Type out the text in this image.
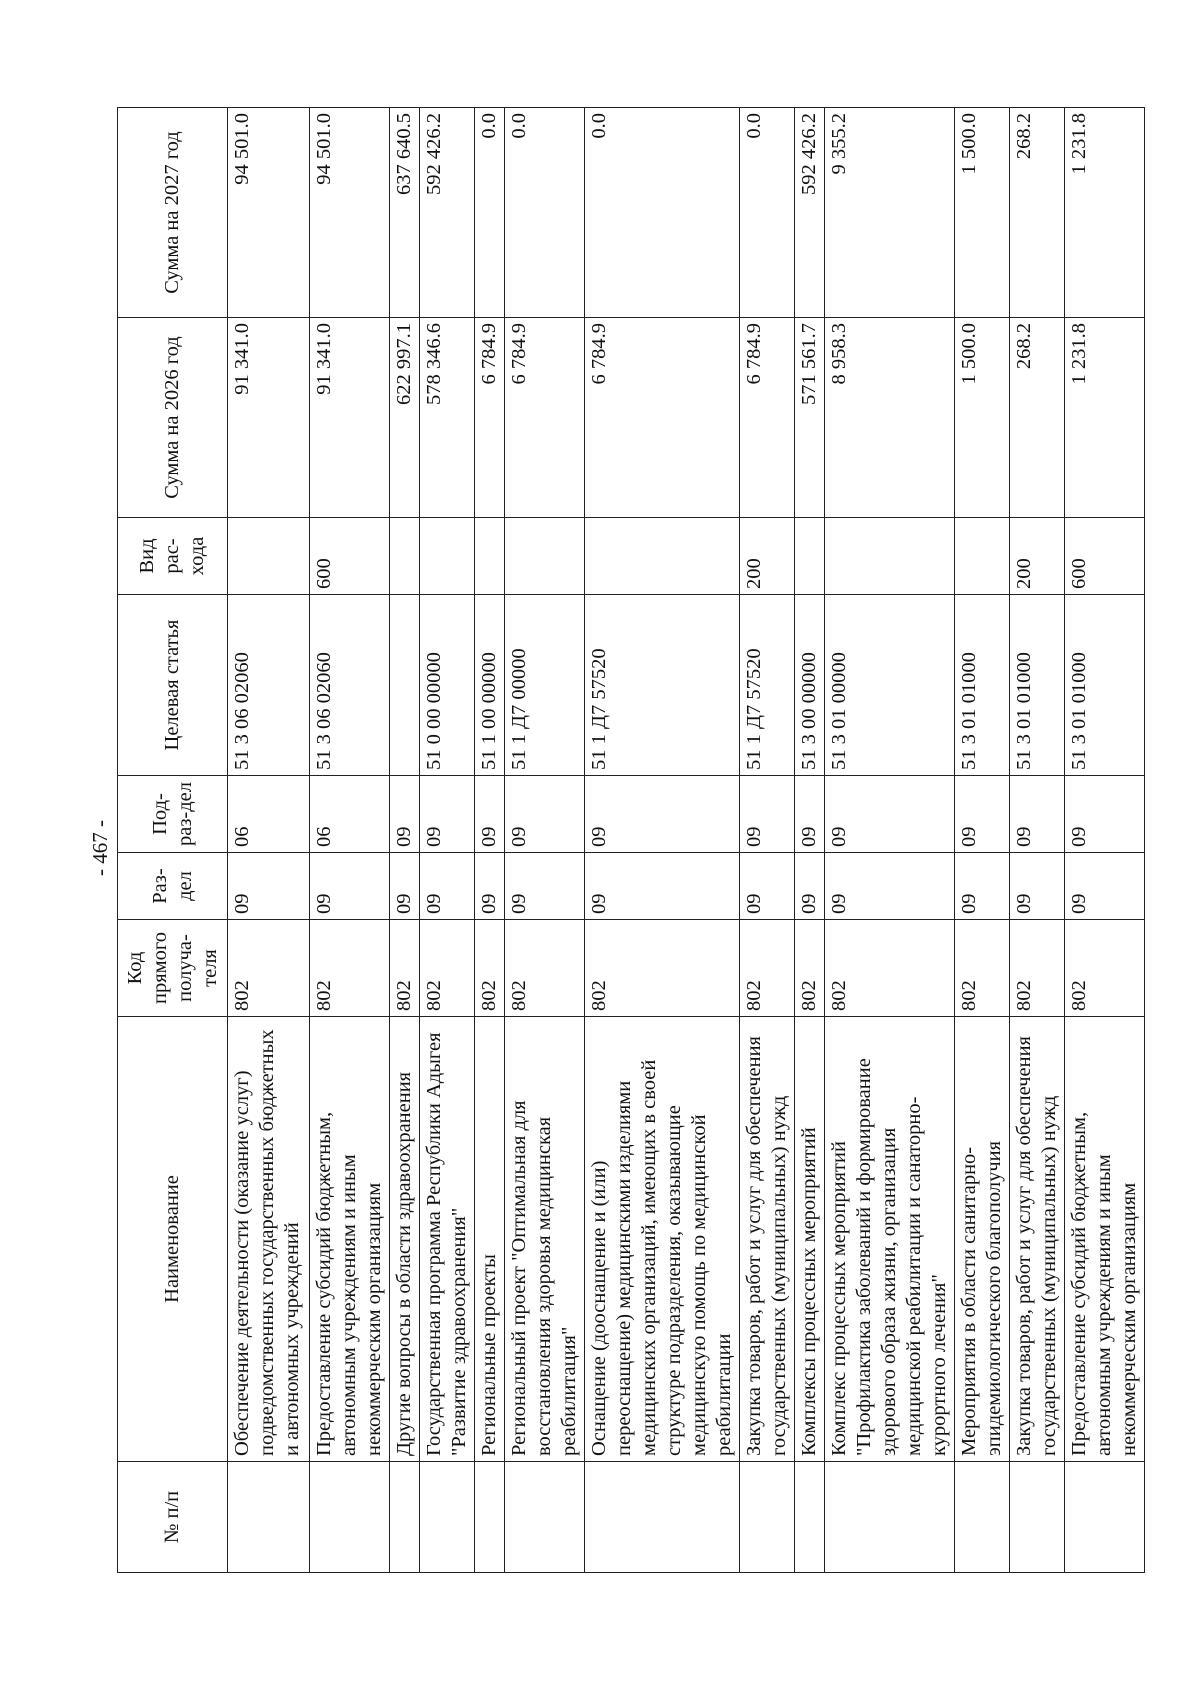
- 467 -
№ п/п	Наименование	Код прямого получа-теля	Раз-дел	Под-раз-дел	Целевая статья	Вид рас-хода	Сумма на 2026 год	Сумма на 2027 год
	Обеспечение деятельности (оказание услуг) подведомственных государственных бюджетных и автономных учреждений	802	09	06	51 3 06 02060		91 341.0	94 501.0
	Предоставление субсидий бюджетным, автономным учреждениям и иным некоммерческим организациям	802	09	06	51 3 06 02060	600	91 341.0	94 501.0
	Другие вопросы в области здравоохранения	802	09	09			622 997.1	637 640.5
	Государственная программа Республики Адыгея "Развитие здравоохранения"	802	09	09	51 0 00 00000		578 346.6	592 426.2
	Региональные проекты	802	09	09	51 1 00 00000		6 784.9	0.0
	Региональный проект "Оптимальная для восстановления здоровья медицинская реабилитация"	802	09	09	51 1 Д7 00000		6 784.9	0.0
	Оснащение (дооснащение и (или) переоснащение) медицинскими изделиями медицинских организаций, имеющих в своей структуре подразделения, оказывающие медицинскую помощь по медицинской реабилитации	802	09	09	51 1 Д7 57520		6 784.9	0.0
	Закупка товаров, работ и услуг для обеспечения государственных (муниципальных) нужд	802	09	09	51 1 Д7 57520	200	6 784.9	0.0
	Комплексы процессных мероприятий	802	09	09	51 3 00 00000		571 561.7	592 426.2
	Комплекс процессных мероприятий "Профилактика заболеваний и формирование здорового образа жизни, организация медицинской реабилитации и санаторно-курортного лечения"	802	09	09	51 3 01 00000		8 958.3	9 355.2
	Мероприятия в области санитарно-эпидемиологического благополучия	802	09	09	51 3 01 01000		1 500.0	1 500.0
	Закупка товаров, работ и услуг для обеспечения государственных (муниципальных) нужд	802	09	09	51 3 01 01000	200	268.2	268.2
	Предоставление субсидий бюджетным, автономным учреждениям и иным некоммерческим организациям	802	09	09	51 3 01 01000	600	1 231.8	1 231.8
